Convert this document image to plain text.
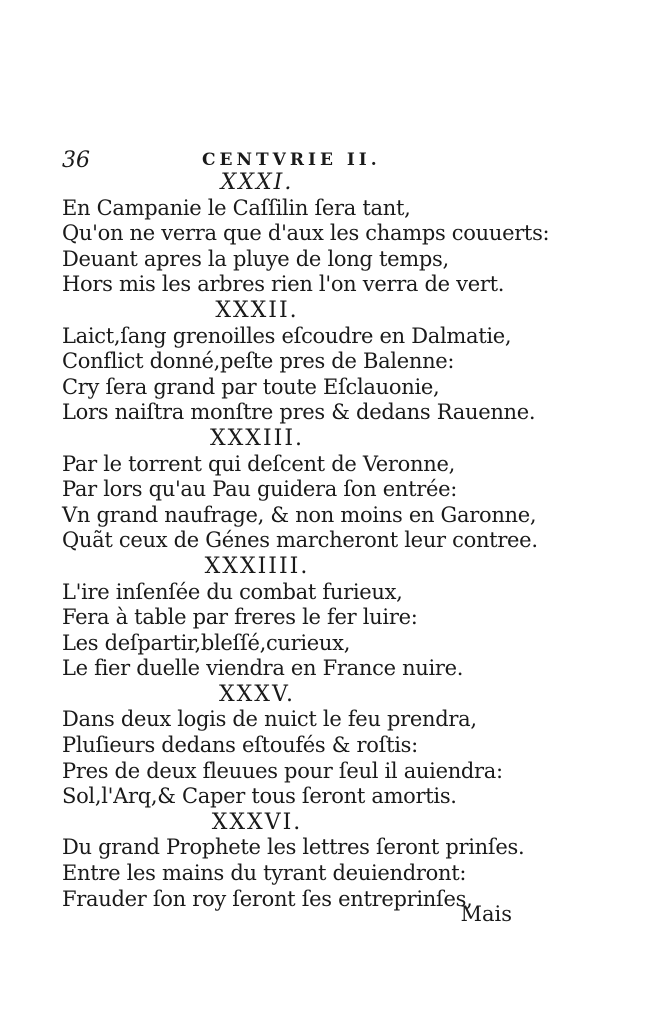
36	CENTVRIE II.
XXXI.
En Campanie le Caſſilin ſera tant,
Qu'on ne verra que d'aux les champs couuerts:
Deuant apres la pluye de long temps,
Hors mis les arbres rien l'on verra de vert.
XXXII.
Laict,ſang grenoilles eſcoudre en Dalmatie,
Conflict donné,peſte pres de Balenne:
Cry ſera grand par toute Eſclauonie,
Lors naiſtra monſtre pres & dedans Rauenne.
XXXIII.
Par le torrent qui deſcent de Veronne,
Par lors qu'au Pau guidera ſon entrée:
Vn grand naufrage, & non moins en Garonne,
Quãt ceux de Génes marcheront leur contree.
XXXIIII.
L'ire inſenſée du combat furieux,
Fera à table par freres le fer luire:
Les deſpartir,bleſſé,curieux,
Le fier duelle viendra en France nuire.
XXXV.
Dans deux logis de nuict le feu prendra,
Pluſieurs dedans eſtoufés & roſtis:
Pres de deux fleuues pour ſeul il auiendra:
Sol,l'Arq,& Caper tous ſeront amortis.
XXXVI.
Du grand Prophete les lettres ſeront prinſes.
Entre les mains du tyrant deuiendront:
Frauder ſon roy ſeront ſes entreprinſes,
Mais
